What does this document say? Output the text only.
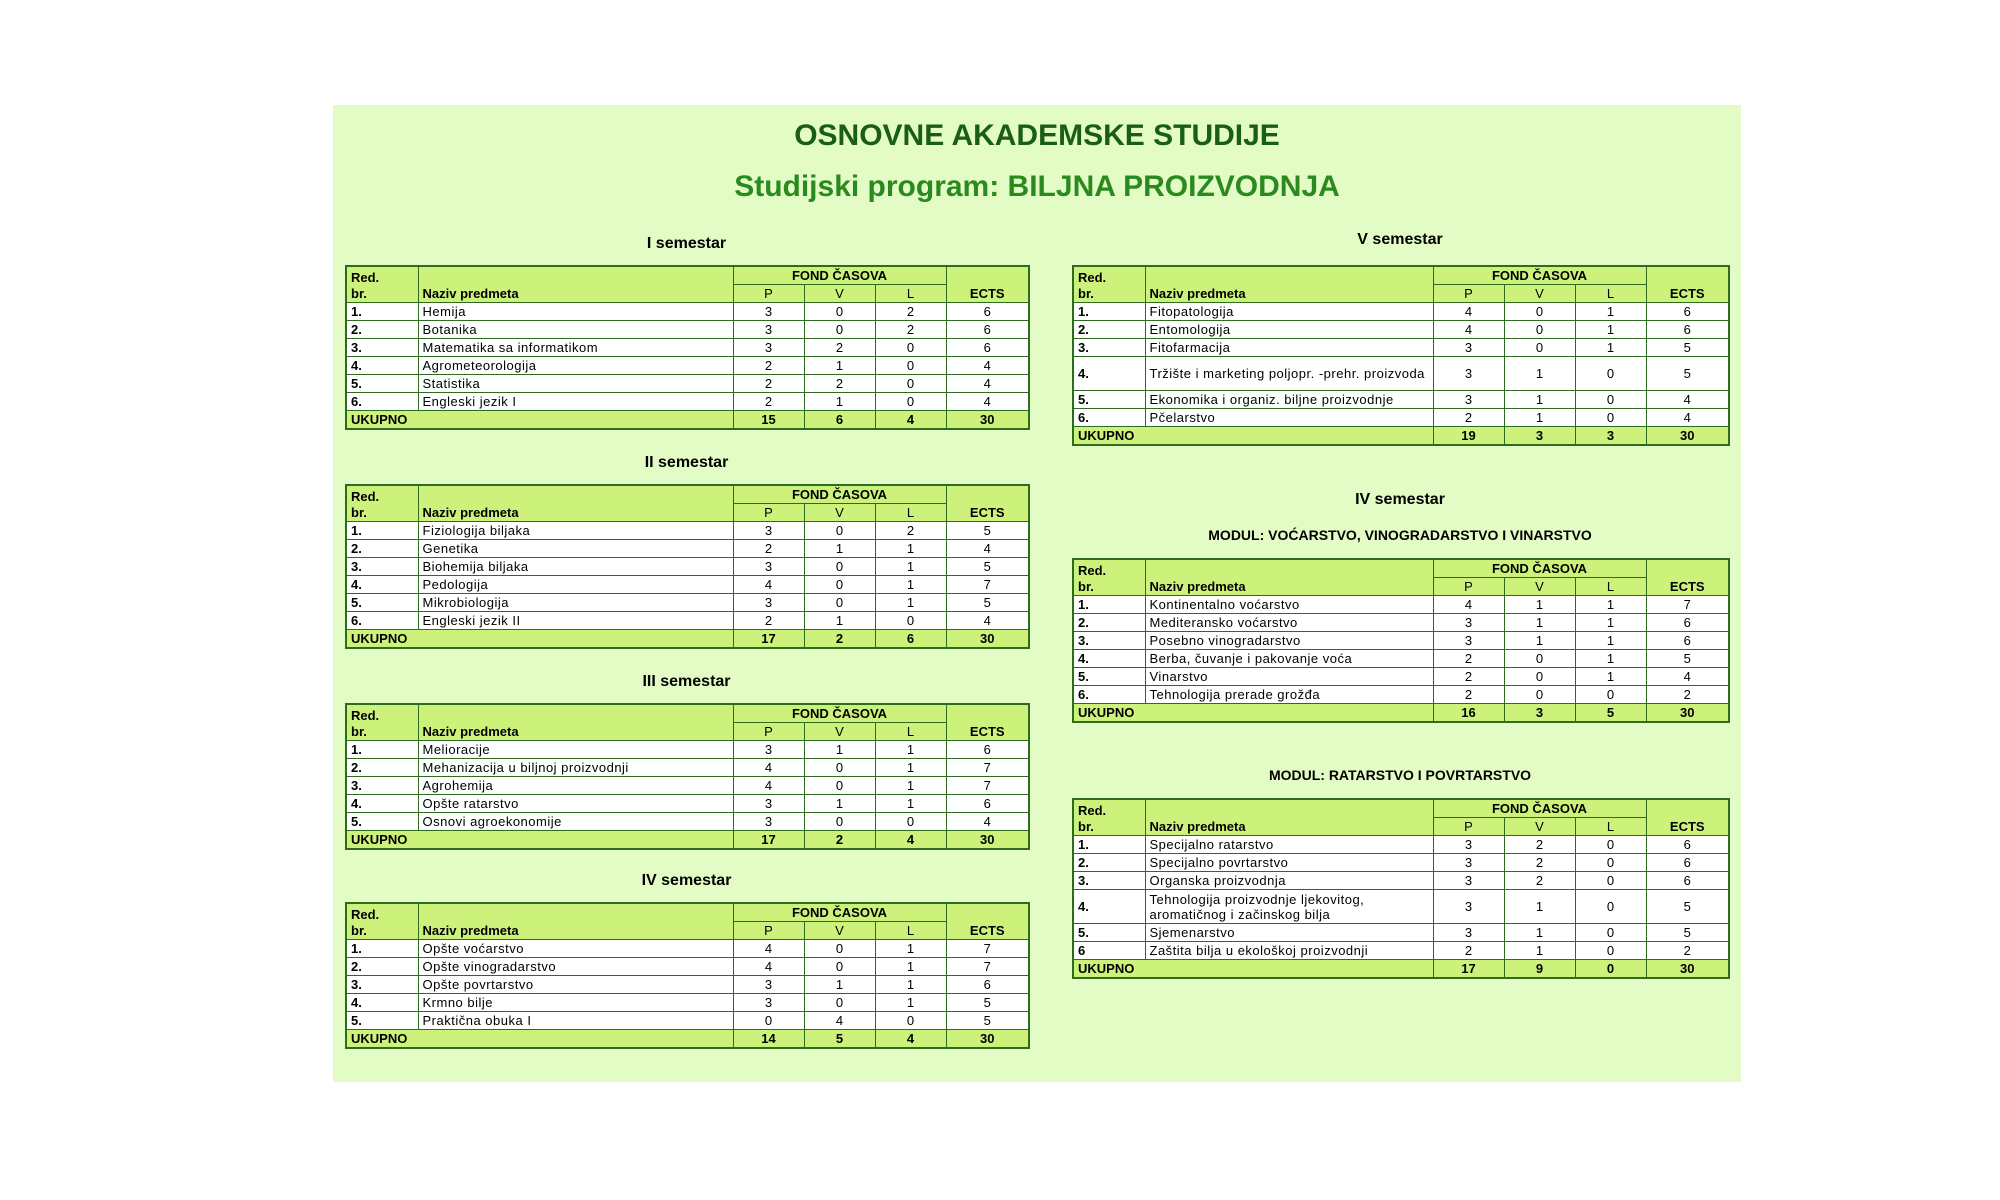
OSNOVNE AKADEMSKE STUDIJE
Studijski program: BILJNA PROIZVODNJA
I semestar
Red.
br.	Naziv predmeta	FOND ČASOVA			ECTS
		P	V	L	
1.	Hemija	3	0	2	6
2.	Botanika	3	0	2	6
3.	Matematika sa informatikom	3	2	0	6
4.	Agrometeorologija	2	1	0	4
5.	Statistika	2	2	0	4
6.	Engleski jezik I	2	1	0	4
UKUPNO		15	6	4	30
II semestar
Red.
br.	Naziv predmeta	FOND ČASOVA			ECTS
		P	V	L	
1.	Fiziologija biljaka	3	0	2	5
2.	Genetika	2	1	1	4
3.	Biohemija biljaka	3	0	1	5
4.	Pedologija	4	0	1	7
5.	Mikrobiologija	3	0	1	5
6.	Engleski jezik II	2	1	0	4
UKUPNO		17	2	6	30
III semestar
Red.
br.	Naziv predmeta	FOND ČASOVA			ECTS
		P	V	L	
1.	Melioracije	3	1	1	6
2.	Mehanizacija u biljnoj proizvodnji	4	0	1	7
3.	Agrohemija	4	0	1	7
4.	Opšte ratarstvo	3	1	1	6
5.	Osnovi agroekonomije	3	0	0	4
UKUPNO		17	2	4	30
IV semestar
Red.
br.	Naziv predmeta	FOND ČASOVA			ECTS
		P	V	L	
1.	Opšte voćarstvo	4	0	1	7
2.	Opšte vinogradarstvo	4	0	1	7
3.	Opšte povrtarstvo	3	1	1	6
4.	Krmno bilje	3	0	1	5
5.	Praktična obuka I	0	4	0	5
UKUPNO		14	5	4	30
V semestar
Red.
br.	Naziv predmeta	FOND ČASOVA			ECTS
		P	V	L	
1.	Fitopatologija	4	0	1	6
2.	Entomologija	4	0	1	6
3.	Fitofarmacija	3	0	1	5
4.	Tržište i marketing poljopr. -prehr. proizvoda	3	1	0	5
5.	Ekonomika i organiz. biljne proizvodnje	3	1	0	4
6.	Pčelarstvo	2	1	0	4
UKUPNO		19	3	3	30
IV semestar
MODUL: VOĆARSTVO, VINOGRADARSTVO I VINARSTVO
Red.
br.	Naziv predmeta	FOND ČASOVA			ECTS
		P	V	L	
1.	Kontinentalno voćarstvo	4	1	1	7
2.	Mediteransko voćarstvo	3	1	1	6
3.	Posebno vinogradarstvo	3	1	1	6
4.	Berba, čuvanje i pakovanje voća	2	0	1	5
5.	Vinarstvo	2	0	1	4
6.	Tehnologija prerade grožđa	2	0	0	2
UKUPNO		16	3	5	30
MODUL: RATARSTVO I POVRTARSTVO
Red.
br.	Naziv predmeta	FOND ČASOVA			ECTS
		P	V	L	
1.	Specijalno ratarstvo	3	2	0	6
2.	Specijalno povrtarstvo	3	2	0	6
3.	Organska proizvodnja	3	2	0	6
4.	Tehnologija proizvodnje ljekovitog, aromatičnog i začinskog bilja	3	1	0	5
5.	Sjemenarstvo	3	1	0	5
6	Zaštita bilja u ekološkoj proizvodnji	2	1	0	2
UKUPNO		17	9	0	30
